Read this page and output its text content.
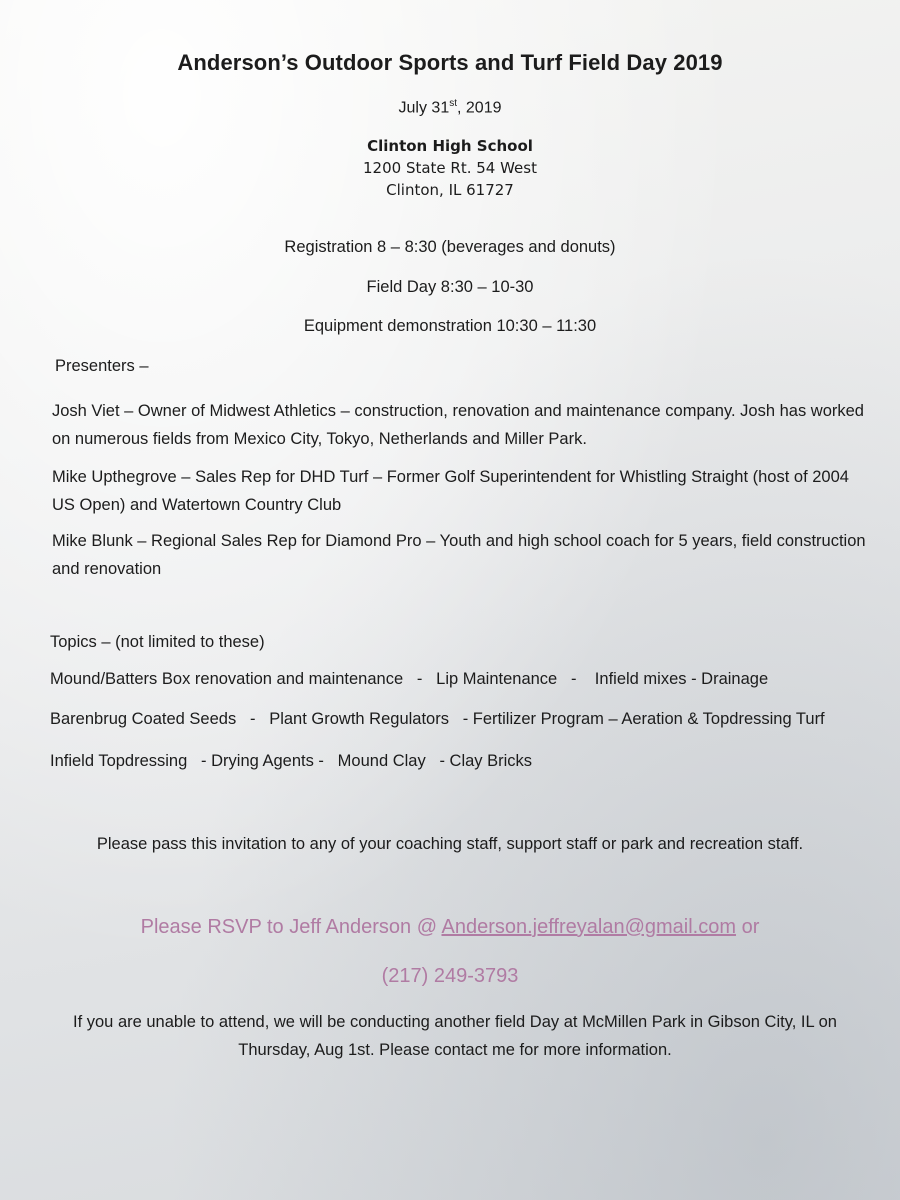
Anderson’s Outdoor Sports and Turf Field Day 2019
July 31st, 2019
Clinton High School
1200 State Rt. 54 West
Clinton, IL 61727
Registration 8 – 8:30 (beverages and donuts)
Field Day 8:30 – 10-30
Equipment demonstration 10:30 – 11:30
Presenters –
Josh Viet – Owner of Midwest Athletics – construction, renovation and maintenance company. Josh has worked on numerous fields from Mexico City, Tokyo, Netherlands and Miller Park.
Mike Upthegrove – Sales Rep for DHD Turf – Former Golf Superintendent for Whistling Straight (host of 2004 US Open) and Watertown Country Club
Mike Blunk – Regional Sales Rep for Diamond Pro – Youth and high school coach for 5 years, field construction and renovation
Topics – (not limited to these)
Mound/Batters Box renovation and maintenance   -   Lip Maintenance   -    Infield mixes - Drainage
Barenbrug Coated Seeds   -   Plant Growth Regulators   - Fertilizer Program – Aeration & Topdressing Turf
Infield Topdressing   - Drying Agents -   Mound Clay   - Clay Bricks
Please pass this invitation to any of your coaching staff, support staff or park and recreation staff.
Please RSVP to Jeff Anderson @ Anderson.jeffreyalan@gmail.com or
(217) 249-3793
If you are unable to attend, we will be conducting another field Day at McMillen Park in Gibson City, IL on Thursday, Aug 1st. Please contact me for more information.
